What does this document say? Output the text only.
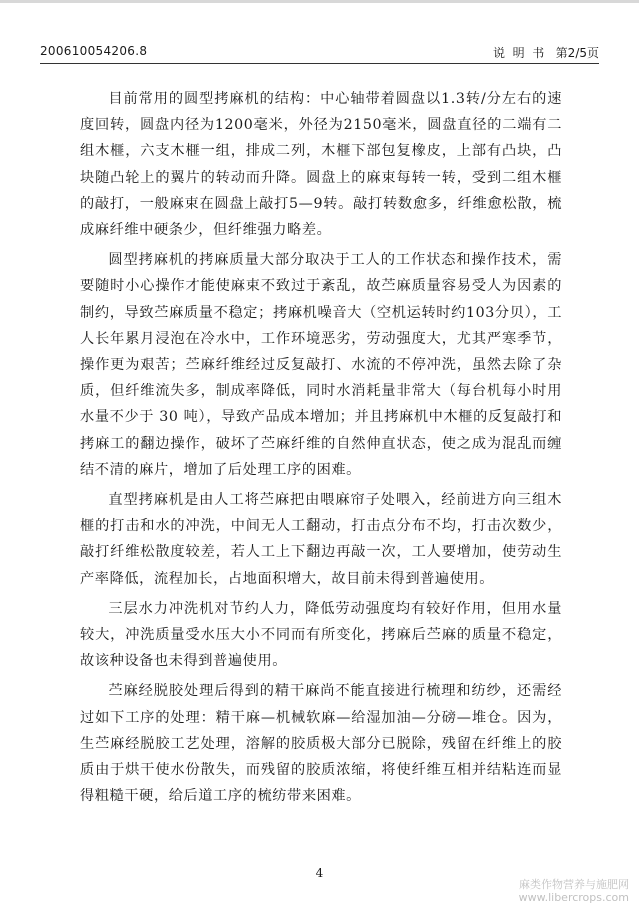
200610054206.8	说  明  书   第2/5页

目前常用的圆型拷麻机的结构：中心轴带着圆盘以1.3转/分左右的速度回转，圆盘内径为1200毫米，外径为2150毫米，圆盘直径的二端有二组木榧，六支木榧一组，排成二列，木榧下部包复橡皮，上部有凸块，凸块随凸轮上的翼片的转动而升降。圆盘上的麻束每转一转，受到二组木榧的敲打，一般麻束在圆盘上敲打5—9转。敲打转数愈多，纤维愈松散，梳成麻纤维中硬条少，但纤维强力略差。

圆型拷麻机的拷麻质量大部分取决于工人的工作状态和操作技术，需要随时小心操作才能使麻束不致过于紊乱，故苎麻质量容易受人为因素的制约，导致苎麻质量不稳定；拷麻机噪音大（空机运转时约103分贝），工人长年累月浸泡在冷水中，工作环境恶劣，劳动强度大，尤其严寒季节，操作更为艰苦；苎麻纤维经过反复敲打、水流的不停冲洗，虽然去除了杂质，但纤维流失多，制成率降低，同时水消耗量非常大（每台机每小时用水量不少于 30 吨），导致产品成本增加；并且拷麻机中木榧的反复敲打和拷麻工的翻边操作，破坏了苎麻纤维的自然伸直状态，使之成为混乱而缠结不清的麻片，增加了后处理工序的困难。

直型拷麻机是由人工将苎麻把由喂麻帘子处喂入，经前进方向三组木榧的打击和水的冲洗，中间无人工翻动，打击点分布不均，打击次数少，敲打纤维松散度较差，若人工上下翻边再敲一次，工人要增加，使劳动生产率降低，流程加长，占地面积增大，故目前未得到普遍使用。

三层水力冲洗机对节约人力，降低劳动强度均有较好作用，但用水量较大，冲洗质量受水压大小不同而有所变化，拷麻后苎麻的质量不稳定，故该种设备也未得到普遍使用。

苎麻经脱胶处理后得到的精干麻尚不能直接进行梳理和纺纱，还需经过如下工序的处理：精干麻—机械软麻—给湿加油—分磅—堆仓。因为，生苎麻经脱胶工艺处理，溶解的胶质极大部分已脱除，残留在纤维上的胶质由于烘干使水份散失，而残留的胶质浓缩，将使纤维互相并结粘连而显得粗糙干硬，给后道工序的梳纺带来困难。

4
麻类作物营养与施肥网
www.libercrops.com
